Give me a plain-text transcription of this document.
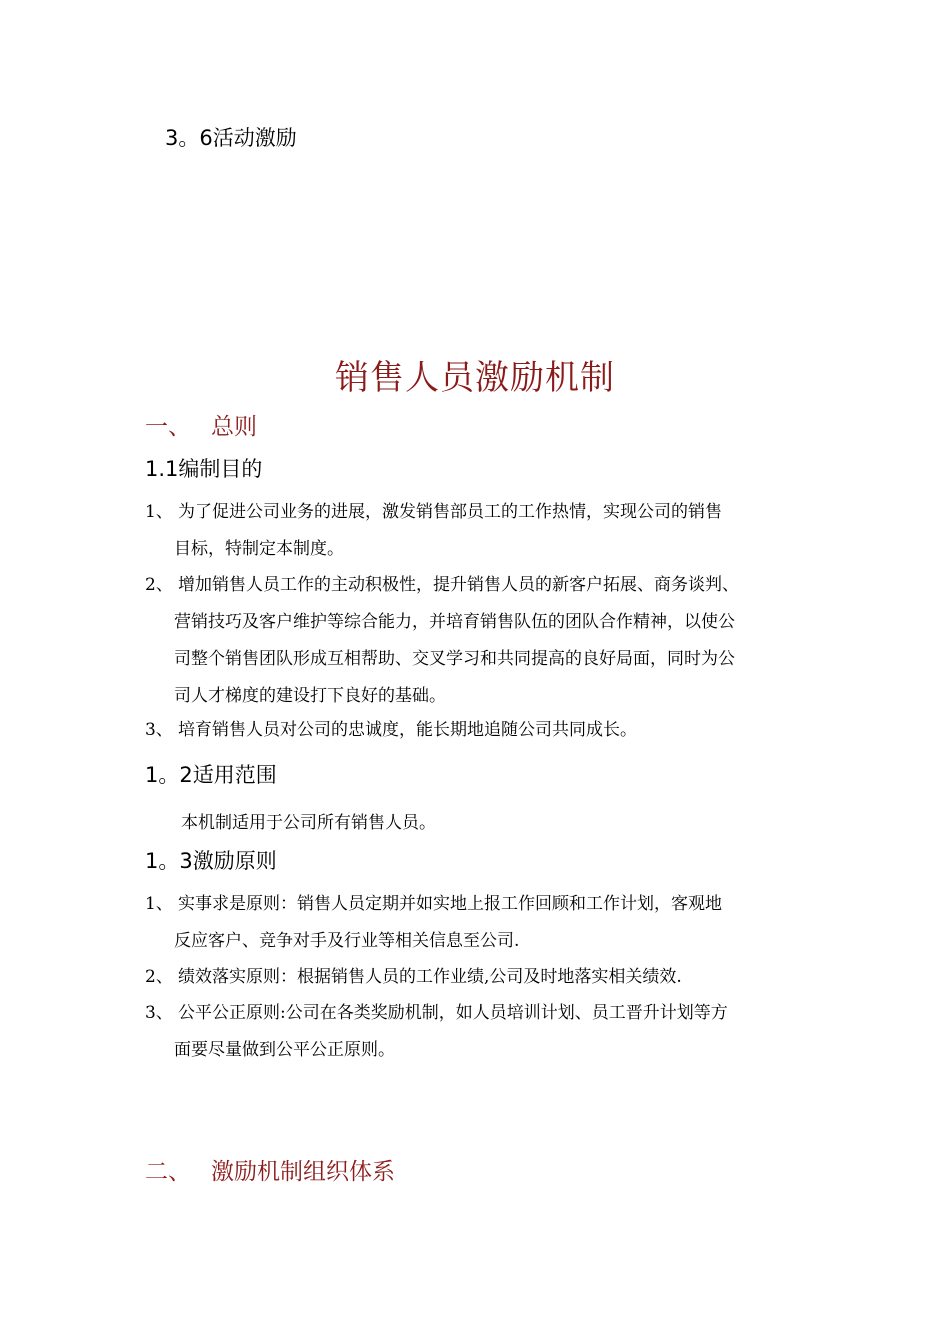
3。6活动激励
销售人员激励机制
一、 总则
1.1编制目的
1、 为了促进公司业务的进展，激发销售部员工的工作热情，实现公司的销售
目标，特制定本制度。
2、 增加销售人员工作的主动积极性，提升销售人员的新客户拓展、商务谈判、
营销技巧及客户维护等综合能力，并培育销售队伍的团队合作精神，以使公
司整个销售团队形成互相帮助、交叉学习和共同提高的良好局面，同时为公
司人才梯度的建设打下良好的基础。
3、 培育销售人员对公司的忠诚度，能长期地追随公司共同成长。
1。2适用范围
本机制适用于公司所有销售人员。
1。3激励原则
1、 实事求是原则：销售人员定期并如实地上报工作回顾和工作计划，客观地
反应客户、竞争对手及行业等相关信息至公司.
2、 绩效落实原则：根据销售人员的工作业绩,公司及时地落实相关绩效.
3、 公平公正原则:公司在各类奖励机制，如人员培训计划、员工晋升计划等方
面要尽量做到公平公正原则。
二、 激励机制组织体系
